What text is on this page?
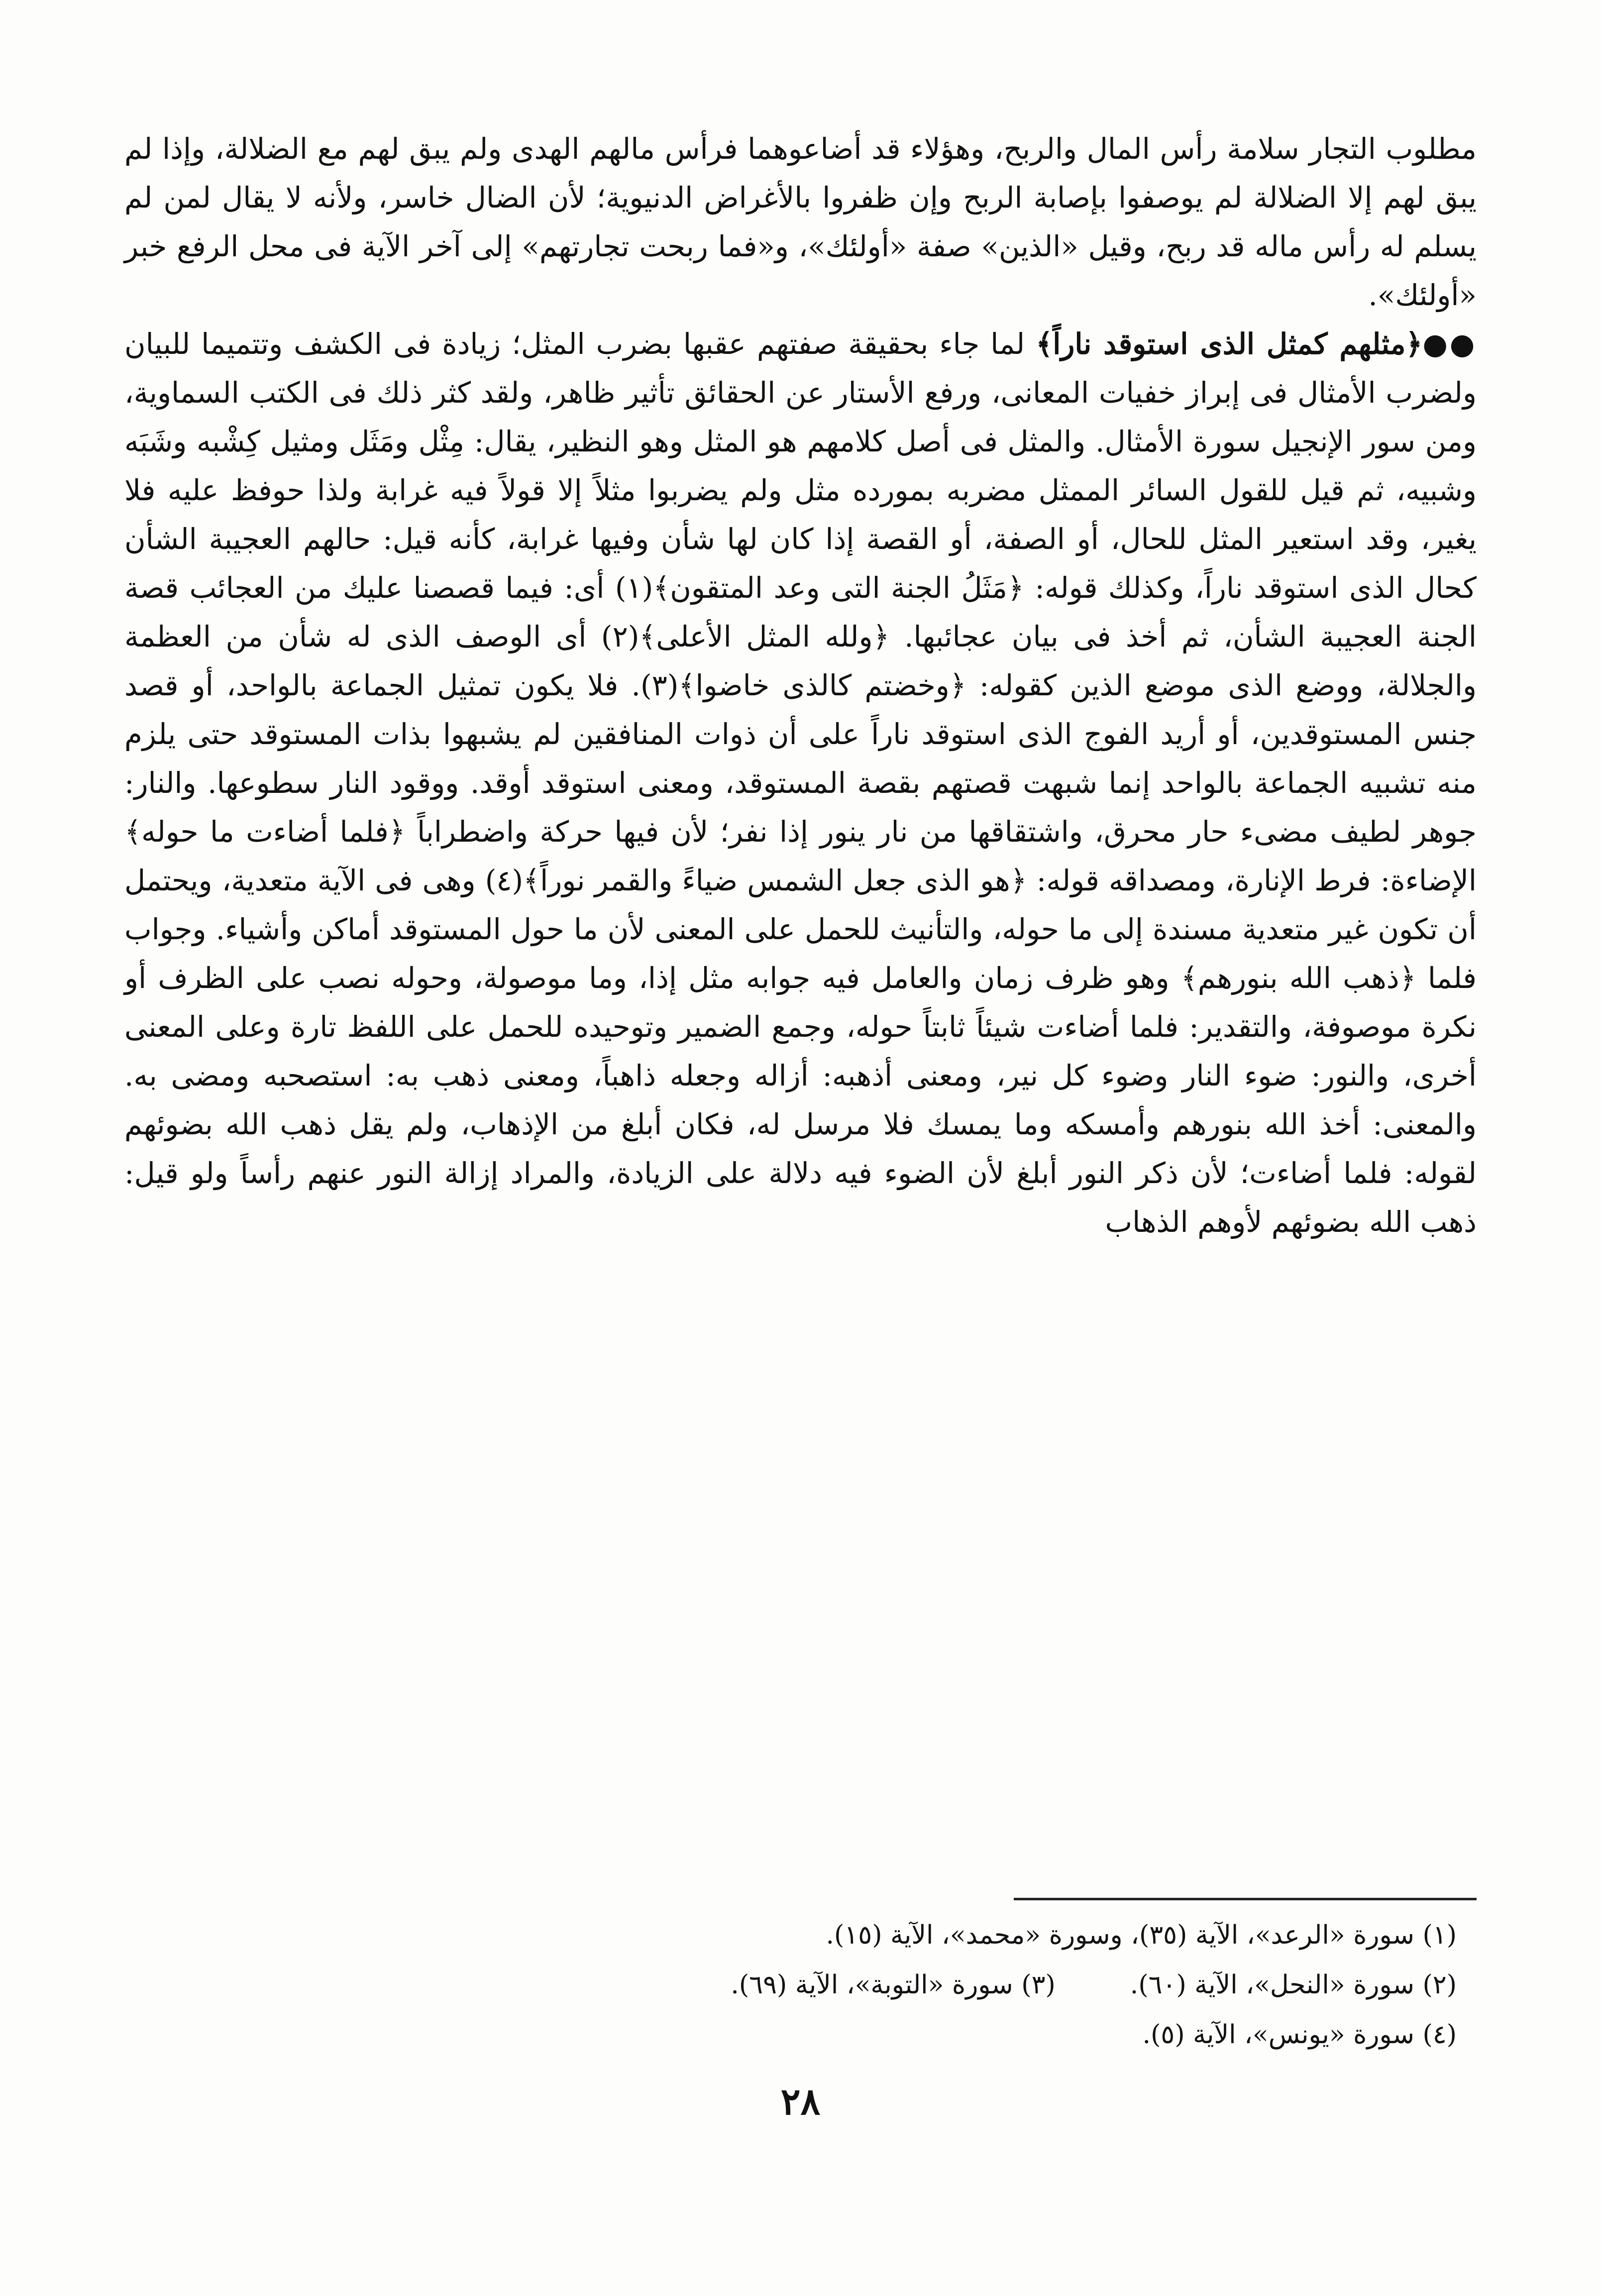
مطلوب التجار سلامة رأس المال والربح، وهؤلاء قد أضاعوهما فرأس مالهم الهدى ولم يبق لهم مع الضلالة، وإذا لم يبق لهم إلا الضلالة لم يوصفوا بإصابة الربح وإن ظفروا بالأغراض الدنيوية؛ لأن الضال خاسر، ولأنه لا يقال لمن لم يسلم له رأس ماله قد ربح، وقيل «الذين» صفة «أولئك»، و«فما ربحت تجارتهم» إلى آخر الآية فى محل الرفع خبر «أولئك».

●●﴿مثلهم كمثل الذى استوقد ناراً﴾ لما جاء بحقيقة صفتهم عقبها بضرب المثل؛ زيادة فى الكشف وتتميما للبيان ولضرب الأمثال فى إبراز خفيات المعانى، ورفع الأستار عن الحقائق تأثير ظاهر، ولقد كثر ذلك فى الكتب السماوية، ومن سور الإنجيل سورة الأمثال. والمثل فى أصل كلامهم هو المثل وهو النظير، يقال: مِثْل ومَثَل ومثيل كِشْبه وشَبَه وشبيه، ثم قيل للقول السائر الممثل مضربه بمورده مثل ولم يضربوا مثلاً إلا قولاً فيه غرابة ولذا حوفظ عليه فلا يغير، وقد استعير المثل للحال، أو الصفة، أو القصة إذا كان لها شأن وفيها غرابة، كأنه قيل: حالهم العجيبة الشأن كحال الذى استوقد ناراً، وكذلك قوله: ﴿مَثَلُ الجنة التى وعد المتقون﴾(١) أى: فيما قصصنا عليك من العجائب قصة الجنة العجيبة الشأن، ثم أخذ فى بيان عجائبها. ﴿ولله المثل الأعلى﴾(٢) أى الوصف الذى له شأن من العظمة والجلالة، ووضع الذى موضع الذين كقوله: ﴿وخضتم كالذى خاضوا﴾(٣). فلا يكون تمثيل الجماعة بالواحد، أو قصد جنس المستوقدين، أو أريد الفوج الذى استوقد ناراً على أن ذوات المنافقين لم يشبهوا بذات المستوقد حتى يلزم منه تشبيه الجماعة بالواحد إنما شبهت قصتهم بقصة المستوقد، ومعنى استوقد أوقد. ووقود النار سطوعها. والنار: جوهر لطيف مضىء حار محرق، واشتقاقها من نار ينور إذا نفر؛ لأن فيها حركة واضطراباً ﴿فلما أضاءت ما حوله﴾ الإضاءة: فرط الإنارة، ومصداقه قوله: ﴿هو الذى جعل الشمس ضياءً والقمر نوراً﴾(٤) وهى فى الآية متعدية، ويحتمل أن تكون غير متعدية مسندة إلى ما حوله، والتأنيث للحمل على المعنى لأن ما حول المستوقد أماكن وأشياء. وجواب فلما ﴿ذهب الله بنورهم﴾ وهو ظرف زمان والعامل فيه جوابه مثل إذا، وما موصولة، وحوله نصب على الظرف أو نكرة موصوفة، والتقدير: فلما أضاءت شيئاً ثابتاً حوله، وجمع الضمير وتوحيده للحمل على اللفظ تارة وعلى المعنى أخرى، والنور: ضوء النار وضوء كل نير، ومعنى أذهبه: أزاله وجعله ذاهباً، ومعنى ذهب به: استصحبه ومضى به. والمعنى: أخذ الله بنورهم وأمسكه وما يمسك فلا مرسل له، فكان أبلغ من الإذهاب، ولم يقل ذهب الله بضوئهم لقوله: فلما أضاءت؛ لأن ذكر النور أبلغ لأن الضوء فيه دلالة على الزيادة، والمراد إزالة النور عنهم رأساً ولو قيل: ذهب الله بضوئهم لأوهم الذهاب

(١) سورة «الرعد»، الآية (٣٥)، وسورة «محمد»، الآية (١٥).
(٢) سورة «النحل»، الآية (٦٠).
(٣) سورة «التوبة»، الآية (٦٩).
(٤) سورة «يونس»، الآية (٥).
٢٨
